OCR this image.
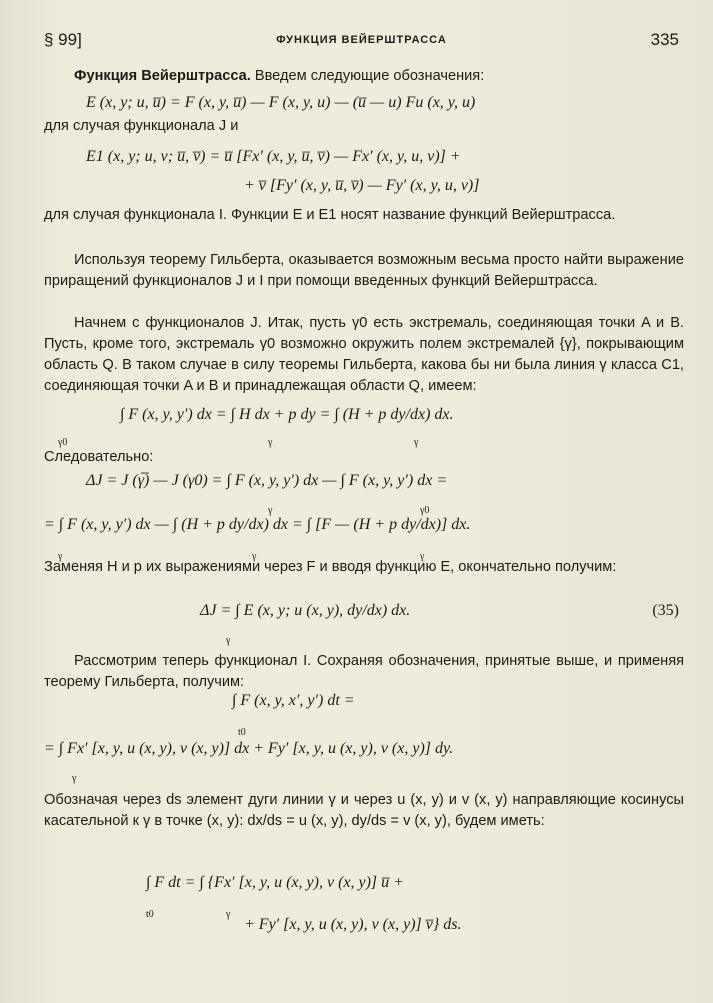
§ 99]	ФУНКЦИЯ ВЕЙЕРШТРАССА	335

Функция Вейерштрасса. Введем следующие обозначения:

E (x, y; u, u̅) = F (x, y, u̅) — F (x, y, u) — (u̅ — u) Fu (x, y, u)
для случая функционала J и
E1 (x, y; u, v; u̅, v̅) = u̅ [Fx′ (x, y, u̅, v̅) — Fx′ (x, y, u, v)] +
+ v̅ [Fy′ (x, y, u̅, v̅) — Fy′ (x, y, u, v)]

для случая функционала I. Функции E и E1 носят название функций Вейерштрасса.

Используя теорему Гильберта, оказывается возможным весьма просто найти выражение приращений функционалов J и I при помощи введенных функций Вейерштрасса.

Начнем с функционалов J. Итак, пусть γ0 есть экстремаль, соединяющая точки A и B. Пусть, кроме того, экстремаль γ0 возможно окружить полем экстремалей {γ}, покрывающим область Q. В таком случае в силу теоремы Гильберта, какова бы ни была линия γ класса C1, соединяющая точки A и B и принадлежащая области Q, имеем:

∫ F (x, y, y′) dx = ∫ H dx + p dy = ∫ (H + p dy/dx) dx.
γ0	γ	γ
Следовательно:
ΔJ = J (γ̅) — J (γ0) = ∫ F (x, y, y′) dx — ∫ F (x, y, y′) dx =
γ	γ0
= ∫ F (x, y, y′) dx — ∫ (H + p dy/dx) dx = ∫ [F — (H + p dy/dx)] dx.
γ	γ	γ

Заменяя H и p их выражениями через F и вводя функцию E, окончательно получим:

ΔJ = ∫ E (x, y; u (x, y), dy/dx) dx.	(35)
γ

Рассмотрим теперь функционал I. Сохраняя обозначения, принятые выше, и применяя теорему Гильберта, получим:

∫ F (x, y, x′, y′) dt =
t0
= ∫ Fx′ [x, y, u (x, y), v (x, y)] dx + Fy′ [x, y, u (x, y), v (x, y)] dy.
γ

Обозначая через ds элемент дуги линии γ и через u (x, y) и v (x, y) направляющие косинусы касательной к γ в точке (x, y): dx/ds = u (x, y), dy/ds = v (x, y), будем иметь:

∫ F dt = ∫ {Fx′ [x, y, u (x, y), v (x, y)] u̅ +
+ Fy′ [x, y, u (x, y), v (x, y)] v̅} ds.
t0	γ
